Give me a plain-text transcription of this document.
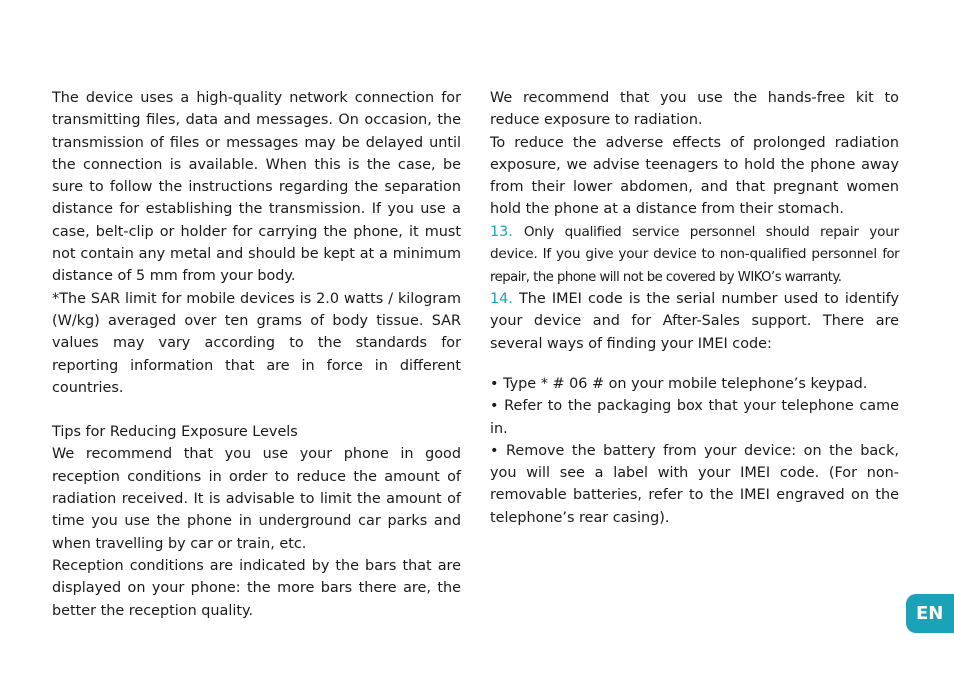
The device uses a high-quality network connection for transmitting files, data and messages. On occasion, the transmission of files or messages may be delayed until the connection is available. When this is the case, be sure to follow the instructions regarding the separation distance for establishing the transmission. If you use a case, belt-clip or holder for carrying the phone, it must not contain any metal and should be kept at a minimum distance of 5 mm from your body.

*The SAR limit for mobile devices is 2.0 watts / kilogram (W/kg) averaged over ten grams of body tissue. SAR values may vary according to the standards for reporting information that are in force in different countries.

Tips for Reducing Exposure Levels

We recommend that you use your phone in good reception conditions in order to reduce the amount of radiation received. It is advisable to limit the amount of time you use the phone in underground car parks and when travelling by car or train, etc.

Reception conditions are indicated by the bars that are displayed on your phone: the more bars there are, the better the reception quality.

We recommend that you use the hands-free kit to reduce exposure to radiation.

To reduce the adverse effects of prolonged radiation exposure, we advise teenagers to hold the phone away from their lower abdomen, and that pregnant women hold the phone at a distance from their stomach.

13. Only qualified service personnel should repair your device. If you give your device to non-qualified personnel for repair, the phone will not be covered by WIKO’s warranty.

14. The IMEI code is the serial number used to identify your device and for After-Sales support. There are several ways of finding your IMEI code:

• Type * # 06 # on your mobile telephone’s keypad.

• Refer to the packaging box that your telephone came in.

• Remove the battery from your device: on the back, you will see a label with your IMEI code. (For non-removable batteries, refer to the IMEI engraved on the telephone’s rear casing).

EN
